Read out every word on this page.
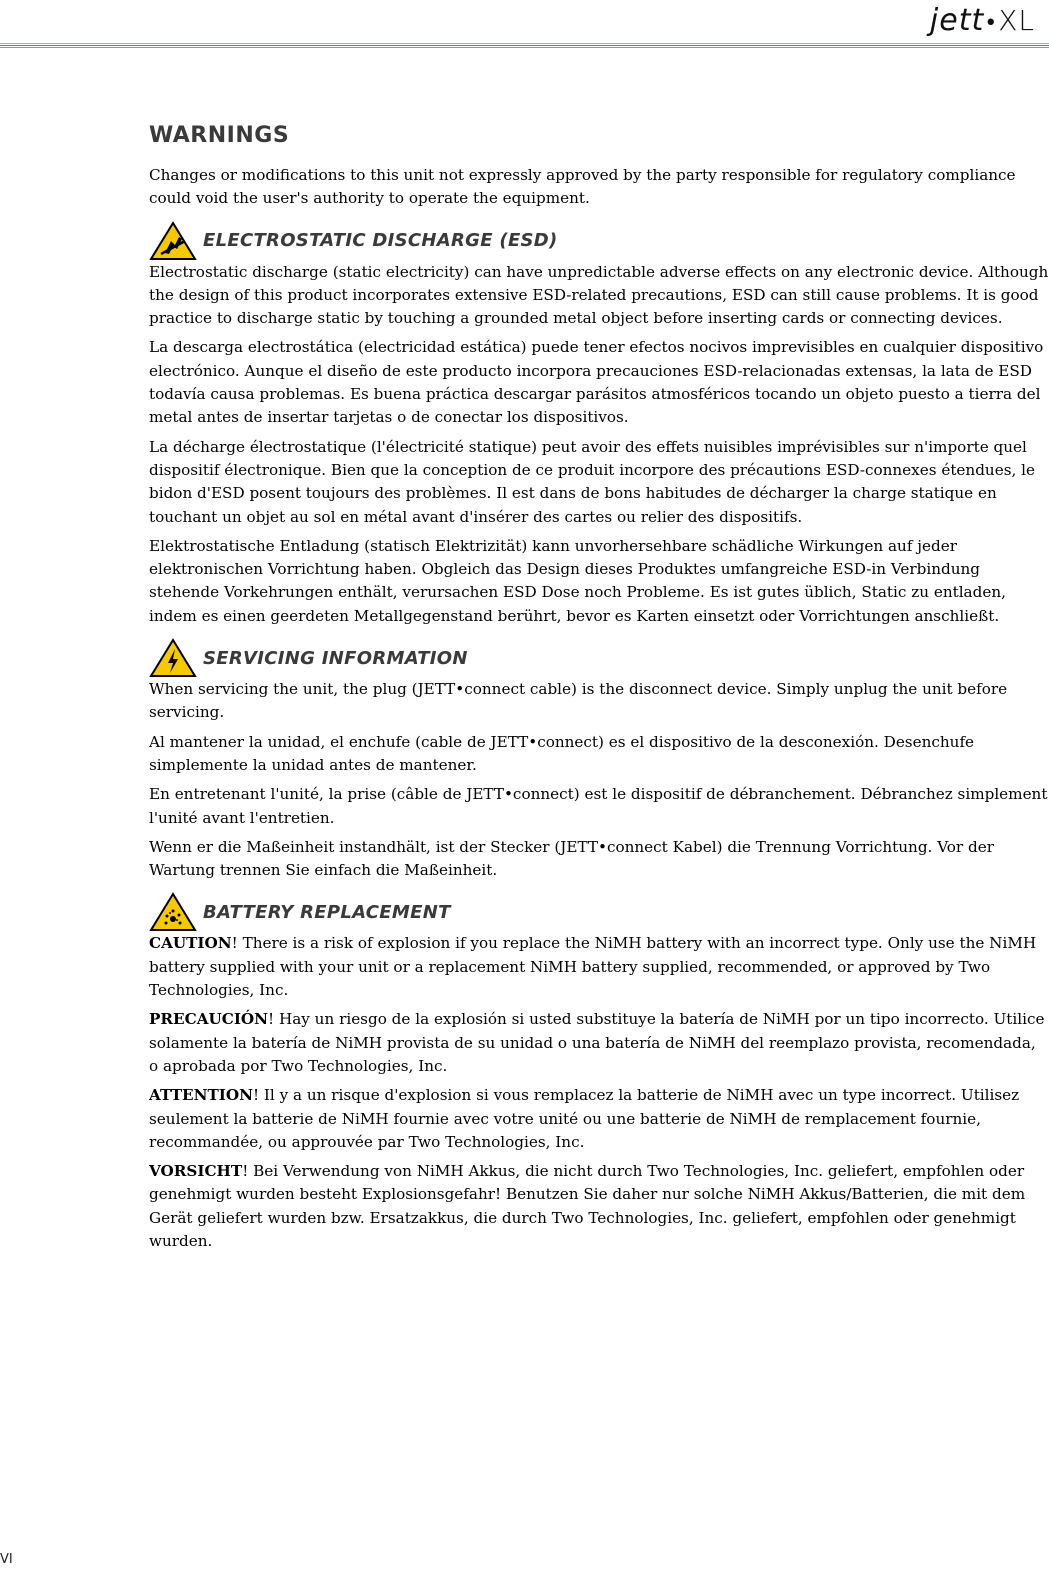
jett•XL
WARNINGS

Changes or modifications to this unit not expressly approved by the party responsible for regulatory compliance could void the user's authority to operate the equipment.

ELECTROSTATIC DISCHARGE (ESD)

Electrostatic discharge (static electricity) can have unpredictable adverse effects on any electronic device. Although the design of this product incorporates extensive ESD-related precautions, ESD can still cause problems. It is good practice to discharge static by touching a grounded metal object before inserting cards or connecting devices.

La descarga electrostática (electricidad estática) puede tener efectos nocivos imprevisibles en cualquier dispositivo electrónico. Aunque el diseño de este producto incorpora precauciones ESD-relacionadas extensas, la lata de ESD todavía causa problemas. Es buena práctica descargar parásitos atmosféricos tocando un objeto puesto a tierra del metal antes de insertar tarjetas o de conectar los dispositivos.

La décharge électrostatique (l'électricité statique) peut avoir des effets nuisibles imprévisibles sur n'importe quel dispositif électronique. Bien que la conception de ce produit incorpore des précautions ESD-connexes étendues, le bidon d'ESD posent toujours des problèmes. Il est dans de bons habitudes de décharger la charge statique en touchant un objet au sol en métal avant d'insérer des cartes ou relier des dispositifs.

Elektrostatische Entladung (statisch Elektrizität) kann unvorhersehbare schädliche Wirkungen auf jeder elektronischen Vorrichtung haben. Obgleich das Design dieses Produktes umfangreiche ESD-in Verbindung stehende Vorkehrungen enthält, verursachen ESD Dose noch Probleme. Es ist gutes üblich, Static zu entladen, indem es einen geerdeten Metallgegenstand berührt, bevor es Karten einsetzt oder Vorrichtungen anschließt.

SERVICING INFORMATION

When servicing the unit, the plug (JETT•connect cable) is the disconnect device. Simply unplug the unit before servicing.

Al mantener la unidad, el enchufe (cable de JETT•connect) es el dispositivo de la desconexión. Desenchufe simplemente la unidad antes de mantener.

En entretenant l'unité, la prise (câble de JETT•connect) est le dispositif de débranchement. Débranchez simplement l'unité avant l'entretien.

Wenn er die Maßeinheit instandhält, ist der Stecker (JETT•connect Kabel) die Trennung Vorrichtung. Vor der Wartung trennen Sie einfach die Maßeinheit.

BATTERY REPLACEMENT

CAUTION! There is a risk of explosion if you replace the NiMH battery with an incorrect type. Only use the NiMH battery supplied with your unit or a replacement NiMH battery supplied, recommended, or approved by Two Technologies, Inc.

PRECAUCIÓN! Hay un riesgo de la explosión si usted substituye la batería de NiMH por un tipo incorrecto. Utilice solamente la batería de NiMH provista de su unidad o una batería de NiMH del reemplazo provista, recomendada, o aprobada por Two Technologies, Inc.

ATTENTION! Il y a un risque d'explosion si vous remplacez la batterie de NiMH avec un type incorrect. Utilisez seulement la batterie de NiMH fournie avec votre unité ou une batterie de NiMH de remplacement fournie, recommandée, ou approuvée par Two Technologies, Inc.

VORSICHT! Bei Verwendung von NiMH Akkus, die nicht durch Two Technologies, Inc. geliefert, empfohlen oder genehmigt wurden besteht Explosionsgefahr! Benutzen Sie daher nur solche NiMH Akkus/Batterien, die mit dem Gerät geliefert wurden bzw. Ersatzakkus, die durch Two Technologies, Inc. geliefert, empfohlen oder genehmigt wurden.

VI
